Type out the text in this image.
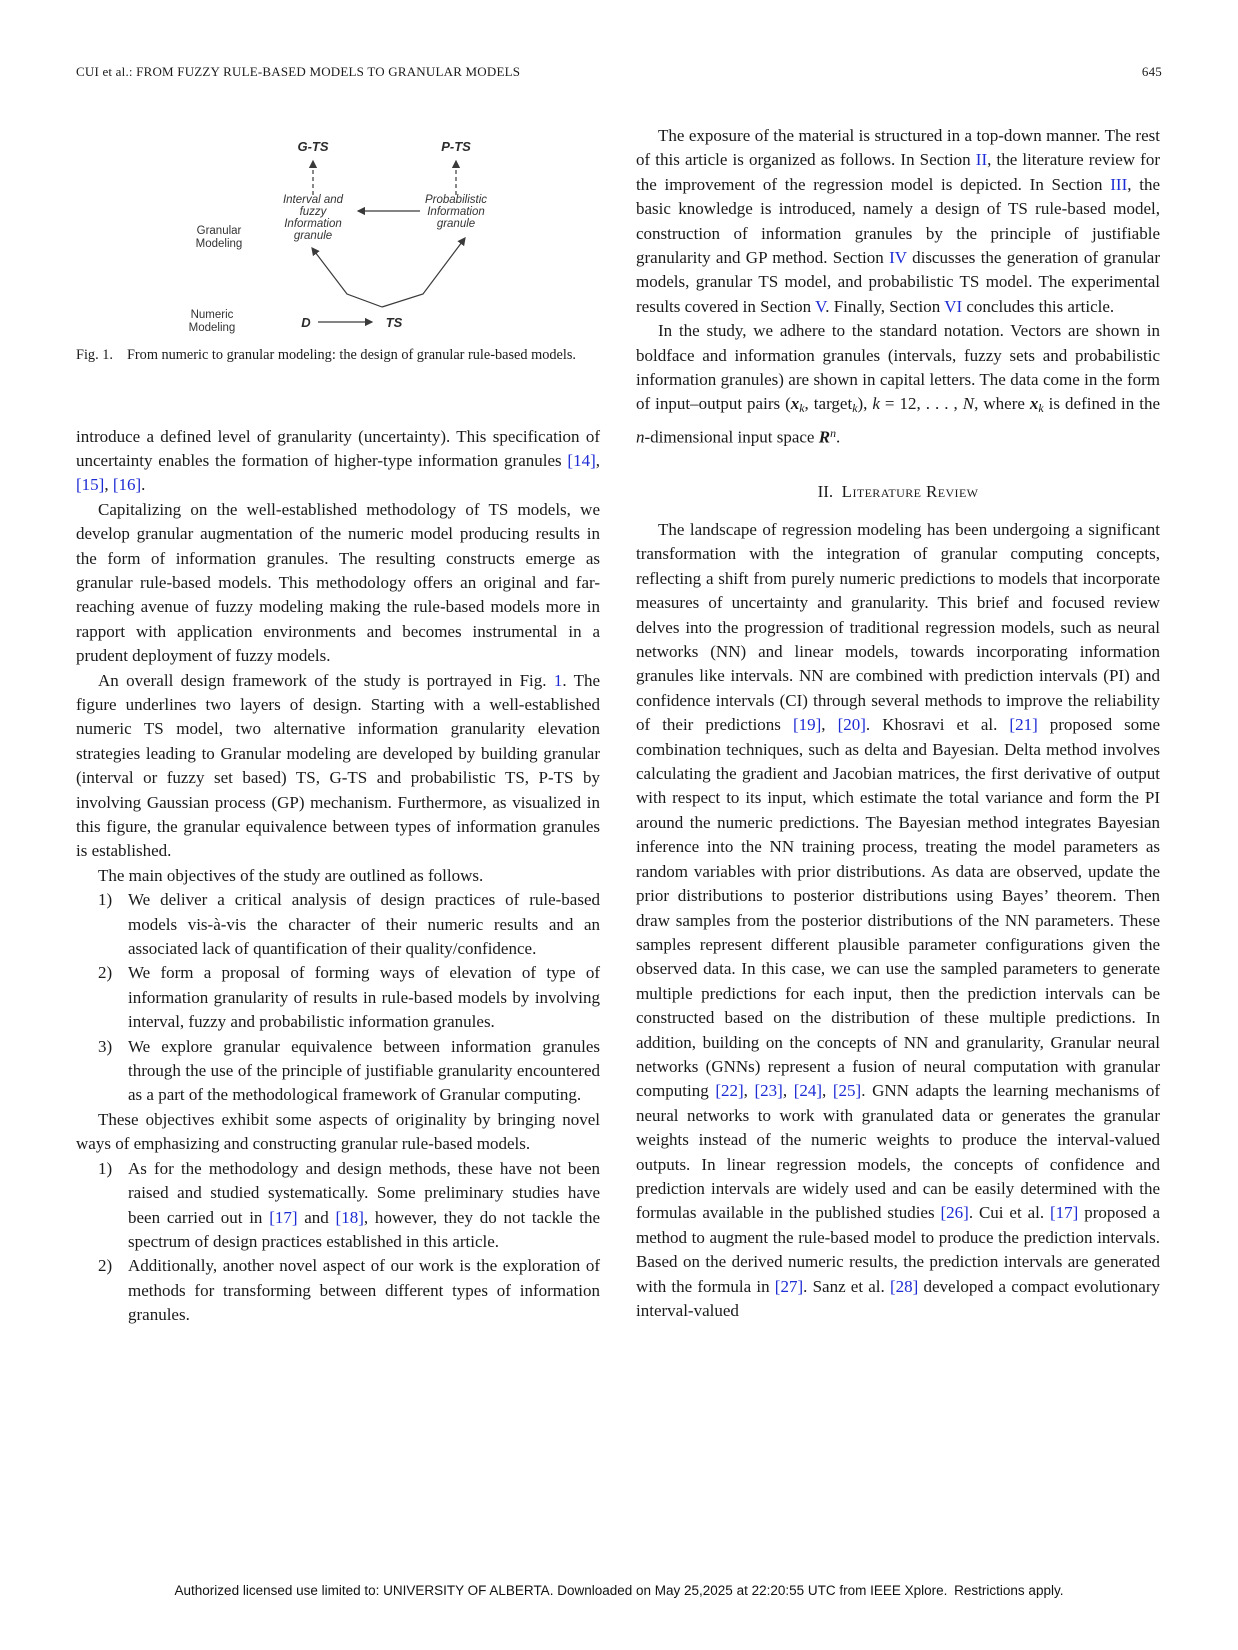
CUI et al.: FROM FUZZY RULE-BASED MODELS TO GRANULAR MODELS	645
G-TS	P-TS
Interval and
fuzzy
Information
granule
Probabilistic
Information
granule
Granular
Modeling
Numeric
Modeling	D	TS

Fig. 1. From numeric to granular modeling: the design of granular rule-based models.

introduce a defined level of granularity (uncertainty). This specification of uncertainty enables the formation of higher-type information granules [14], [15], [16].

Capitalizing on the well-established methodology of TS models, we develop granular augmentation of the numeric model producing results in the form of information granules. The resulting constructs emerge as granular rule-based models. This methodology offers an original and far-reaching avenue of fuzzy modeling making the rule-based models more in rapport with application environments and becomes instrumental in a prudent deployment of fuzzy models.

An overall design framework of the study is portrayed in Fig. 1. The figure underlines two layers of design. Starting with a well-established numeric TS model, two alternative information granularity elevation strategies leading to Granular modeling are developed by building granular (interval or fuzzy set based) TS, G-TS and probabilistic TS, P-TS by involving Gaussian process (GP) mechanism. Furthermore, as visualized in this figure, the granular equivalence between types of information granules is established.

The main objectives of the study are outlined as follows.

1) We deliver a critical analysis of design practices of rule-based models vis-à-vis the character of their numeric results and an associated lack of quantification of their quality/confidence.
2) We form a proposal of forming ways of elevation of type of information granularity of results in rule-based models by involving interval, fuzzy and probabilistic information granules.
3) We explore granular equivalence between information granules through the use of the principle of justifiable granularity encountered as a part of the methodological framework of Granular computing.

These objectives exhibit some aspects of originality by bringing novel ways of emphasizing and constructing granular rule-based models.

1) As for the methodology and design methods, these have not been raised and studied systematically. Some preliminary studies have been carried out in [17] and [18], however, they do not tackle the spectrum of design practices established in this article.
2) Additionally, another novel aspect of our work is the exploration of methods for transforming between different types of information granules.

The exposure of the material is structured in a top-down manner. The rest of this article is organized as follows. In Section II, the literature review for the improvement of the regression model is depicted. In Section III, the basic knowledge is introduced, namely a design of TS rule-based model, construction of information granules by the principle of justifiable granularity and GP method. Section IV discusses the generation of granular models, granular TS model, and probabilistic TS model. The experimental results covered in Section V. Finally, Section VI concludes this article.

In the study, we adhere to the standard notation. Vectors are shown in boldface and information granules (intervals, fuzzy sets and probabilistic information granules) are shown in capital letters. The data come in the form of input–output pairs (xk, targetk), k = 12, . . . , N, where xk is defined in the n-dimensional input space $R^n$.

II. Literature Review

The landscape of regression modeling has been undergoing a significant transformation with the integration of granular computing concepts, reflecting a shift from purely numeric predictions to models that incorporate measures of uncertainty and granularity. This brief and focused review delves into the progression of traditional regression models, such as neural networks (NN) and linear models, towards incorporating information granules like intervals. NN are combined with prediction intervals (PI) and confidence intervals (CI) through several methods to improve the reliability of their predictions [19], [20]. Khosravi et al. [21] proposed some combination techniques, such as delta and Bayesian. Delta method involves calculating the gradient and Jacobian matrices, the first derivative of output with respect to its input, which estimate the total variance and form the PI around the numeric predictions. The Bayesian method integrates Bayesian inference into the NN training process, treating the model parameters as random variables with prior distributions. As data are observed, update the prior distributions to posterior distributions using Bayes’ theorem. Then draw samples from the posterior distributions of the NN parameters. These samples represent different plausible parameter configurations given the observed data. In this case, we can use the sampled parameters to generate multiple predictions for each input, then the prediction intervals can be constructed based on the distribution of these multiple predictions. In addition, building on the concepts of NN and granularity, Granular neural networks (GNNs) represent a fusion of neural computation with granular computing [22], [23], [24], [25]. GNN adapts the learning mechanisms of neural networks to work with granulated data or generates the granular weights instead of the numeric weights to produce the interval-valued outputs. In linear regression models, the concepts of confidence and prediction intervals are widely used and can be easily determined with the formulas available in the published studies [26]. Cui et al. [17] proposed a method to augment the rule-based model to produce the prediction intervals. Based on the derived numeric results, the prediction intervals are generated with the formula in [27]. Sanz et al. [28] developed a compact evolutionary interval-valued

Authorized licensed use limited to: UNIVERSITY OF ALBERTA. Downloaded on May 25,2025 at 22:20:55 UTC from IEEE Xplore. Restrictions apply.
